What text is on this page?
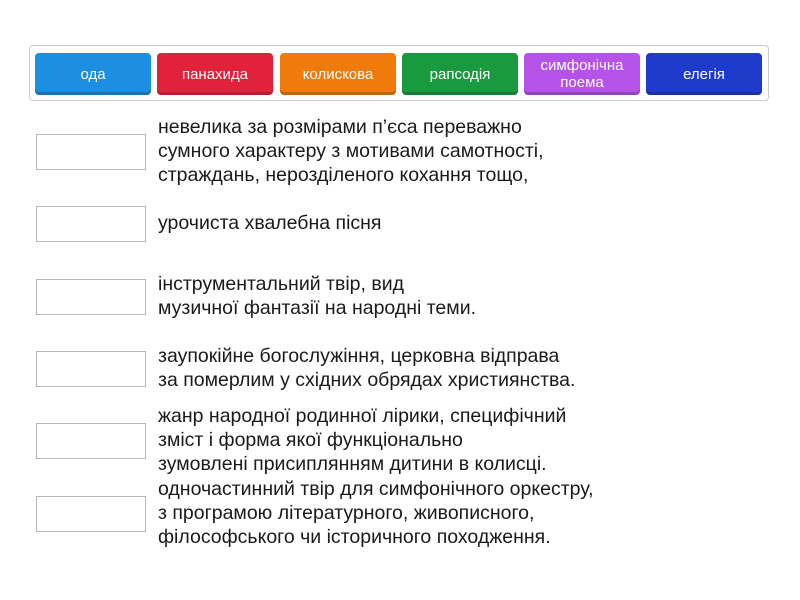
ода	панахида	колискова	рапсодія	симфонічна
поема	елегія
невелика за розмірами п’єса переважно
сумного характеру з мотивами самотності,
страждань, нерозділеного кохання тощо,
урочиста хвалебна пісня
інструментальний твір, вид
музичної фантазії на народні теми.
заупокійне богослужіння, церковна відправа
за померлим у східних обрядах християнства.
жанр народної родинної лірики, специфічний
зміст і форма якої функціонально
зумовлені присиплянням дитини в колисці.
одночастинний твір для симфонічного оркестру,
з програмою літературного, живописного,
філософського чи історичного походження.
